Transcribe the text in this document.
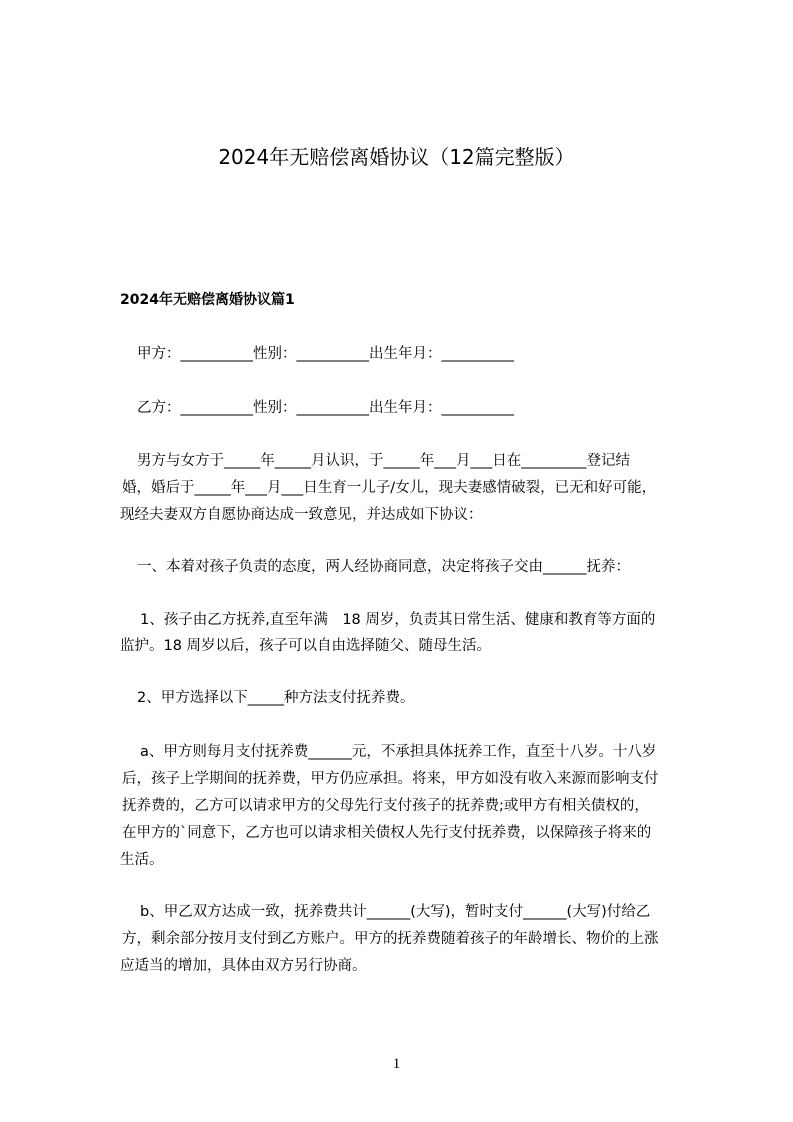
2024年无赔偿离婚协议（12篇完整版）
2024年无赔偿离婚协议篇1
甲方：__________性别：__________出生年月：__________
乙方：__________性别：__________出生年月：__________
男方与女方于_____年_____月认识，于_____年___月___日在_________登记结
婚，婚后于_____年___月___日生育一儿子/女儿，现夫妻感情破裂，已无和好可能，
现经夫妻双方自愿协商达成一致意见，并达成如下协议：
一、本着对孩子负责的态度，两人经协商同意，决定将孩子交由______抚养：
1、孩子由乙方抚养,直至年满　18 周岁，负责其日常生活、健康和教育等方面的
监护。18 周岁以后，孩子可以自由选择随父、随母生活。
2、甲方选择以下_____种方法支付抚养费。
a、甲方则每月支付抚养费______元，不承担具体抚养工作，直至十八岁。十八岁
后，孩子上学期间的抚养费，甲方仍应承担。将来，甲方如没有收入来源而影响支付
抚养费的，乙方可以请求甲方的父母先行支付孩子的抚养费;或甲方有相关债权的，
在甲方的`同意下，乙方也可以请求相关债权人先行支付抚养费，以保障孩子将来的
生活。
b、甲乙双方达成一致，抚养费共计______(大写)，暂时支付______(大写)付给乙
方，剩余部分按月支付到乙方账户。甲方的抚养费随着孩子的年龄增长、物价的上涨
应适当的增加，具体由双方另行协商。
1
